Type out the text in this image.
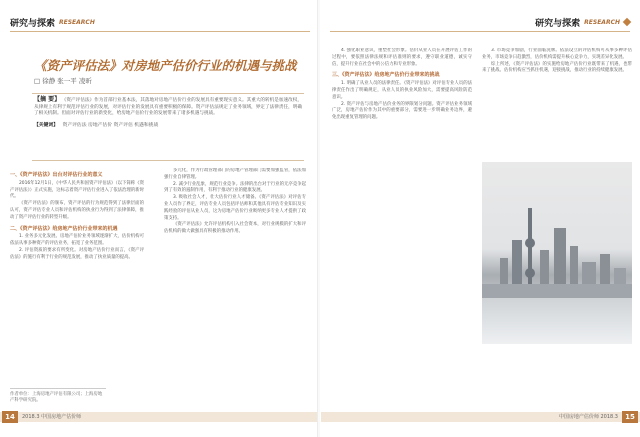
研究与探索 RESEARCH
《资产评估法》对房地产估价行业的机遇与挑战
□ 徐静 张一平 凌昕
【摘 要】 《资产评估法》作为首部行业基本法，其落地对房地产估价行业的发展具有重要现实意义。其重大的转机是加速改权，从律规上有利于规范评估行业的发展，对评估行业的发展具有重要积极的保障。资产评估法规定了业务领域，界定了法律责任，明确了相关机制。但面对评估行业的新变化，给房地产估价行业的发展带来了诸多机遇与挑战。
【关键词】 资产评估法 房地产估价 资产评估 机遇和挑战
一、《资产评估法》出台对评估行业的意义

2016年12月1日，《中华人民共和国资产评估法》（以下简称《资产评估法》）正式实施，这标志着资产评估行业进入了依法治理的新时代。

《资产评估法》的颁布，资产评估的行为规范得到了法律层面的认可，资产评估专业人员和评估机构的执业行为得到了法律保障，推动了资产评估行业的转型升级。

二、《资产评估法》给房地产估价行业带来的机遇

1. 业务多元化发展。房地产估价业务领域逐渐扩大，估价机构可依法从事多种资产的评估业务，拓宽了业务范围。

2. 评估资质的要求有所变化。对房地产估价行业而言，《资产评估法》的施行有利于行业的规范发展，推动了执业质量的提高。

作者单位：上海房地产评估有限公司；上海房地产科学研究院。

多元化，作为行政管理部门的房地产管理部门需要加强监管，依法加强行业自律管理。

2. 减少行业乱象，规范行业竞争。法律的出台对于行业的无序竞争起到了有效的遏制作用，有利于推动行业的健康发展。

3. 吸收社会人才，壮大估价行业人才储备。《资产评估法》对评估专业人员作了界定，评估专业人员包括评估师和其他具有评估专业知识及实践经验的评估从业人员，这为房地产估价行业吸纳更多专业人才提供了政策支持。

《资产评估法》允许评估机构引入社会资本，对行业规模的扩大和评估机构的做大做强具有积极的推动作用。

14	2018.3 中国房地产估价师
研究与探索 RESEARCH

4. 强化职业意识，重塑社会形象。估价从业人员在开展评估工作的过程中，要依照法律法规和评估准则的要求，遵守职业道德，诚实守信，提升行业在社会中的公信力和专业形象。

三、《资产评估法》给房地产估价行业带来的挑战

1. 明确了从业人员的法律责任。《资产评估法》对评估专业人员的法律责任作出了明确规定，从业人员的执业风险加大，需要提高风险防范意识。

2. 资产评估与房地产估价业务的界限划分问题。资产评估业务领域广泛，房地产估价作为其中的重要部分，需要进一步明确业务边界，避免出现重复管理的问题。

3. 市场竞争加剧，行业面临洗牌。依法设立的评估机构可从事多种评估业务，市场竞争日趋激烈，估价机构需提升核心竞争力，实现差异化发展。

综上所述，《资产评估法》的实施给房地产估价行业既带来了机遇，也带来了挑战。估价机构应当抓住机遇，迎接挑战，推动行业的持续健康发展。

15
中国房地产估价师 2018.3
